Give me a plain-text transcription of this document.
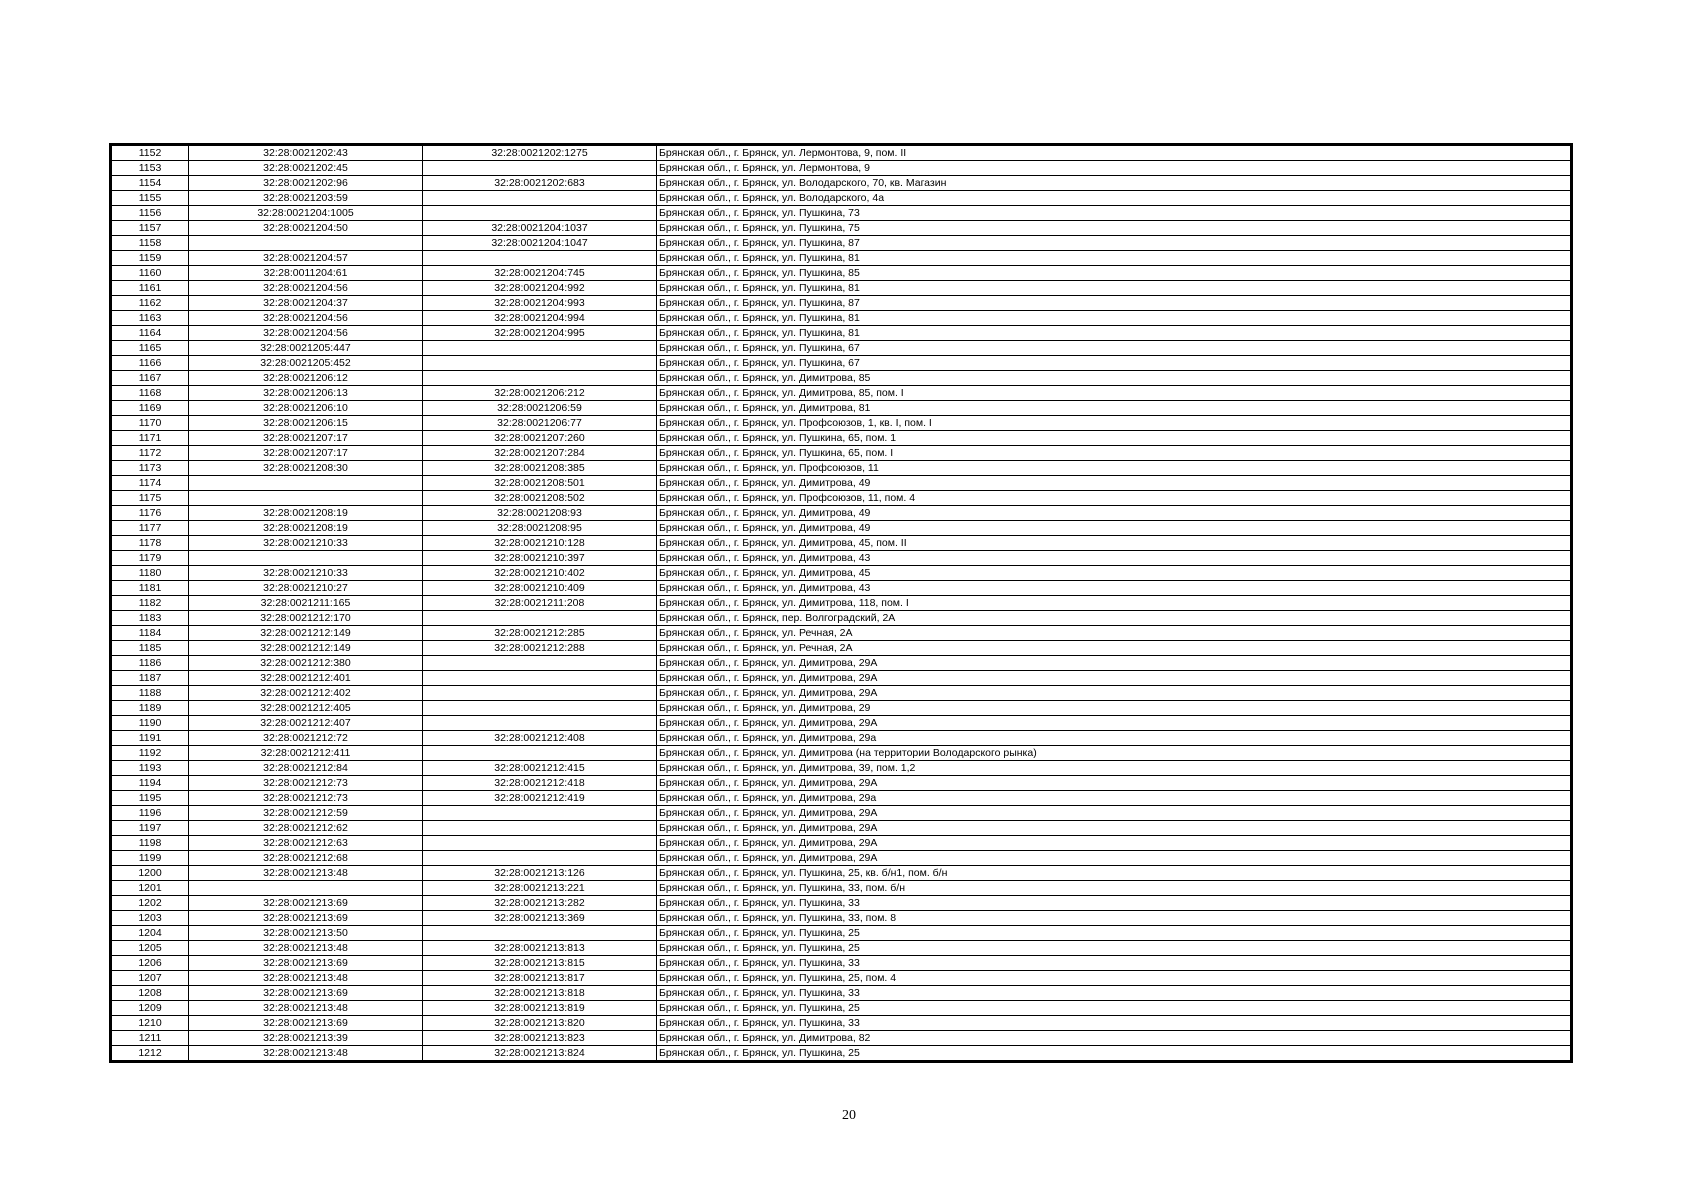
1152	32:28:0021202:43	32:28:0021202:1275	Брянская обл., г. Брянск, ул. Лермонтова, 9, пом. II
1153	32:28:0021202:45		Брянская обл., г. Брянск, ул. Лермонтова, 9
1154	32:28:0021202:96	32:28:0021202:683	Брянская обл., г. Брянск, ул. Володарского, 70, кв. Магазин
1155	32:28:0021203:59		Брянская обл., г. Брянск, ул. Володарского, 4а
1156	32:28:0021204:1005		Брянская обл., г. Брянск, ул. Пушкина, 73
1157	32:28:0021204:50	32:28:0021204:1037	Брянская обл., г. Брянск, ул. Пушкина, 75
1158		32:28:0021204:1047	Брянская обл., г. Брянск, ул. Пушкина, 87
1159	32:28:0021204:57		Брянская обл., г. Брянск, ул. Пушкина, 81
1160	32:28:0011204:61	32:28:0021204:745	Брянская обл., г. Брянск, ул. Пушкина, 85
1161	32:28:0021204:56	32:28:0021204:992	Брянская обл., г. Брянск, ул. Пушкина, 81
1162	32:28:0021204:37	32:28:0021204:993	Брянская обл., г. Брянск, ул. Пушкина, 87
1163	32:28:0021204:56	32:28:0021204:994	Брянская обл., г. Брянск, ул. Пушкина, 81
1164	32:28:0021204:56	32:28:0021204:995	Брянская обл., г. Брянск, ул. Пушкина, 81
1165	32:28:0021205:447		Брянская обл., г. Брянск, ул. Пушкина, 67
1166	32:28:0021205:452		Брянская обл., г. Брянск, ул. Пушкина, 67
1167	32:28:0021206:12		Брянская обл., г. Брянск, ул. Димитрова, 85
1168	32:28:0021206:13	32:28:0021206:212	Брянская обл., г. Брянск, ул. Димитрова, 85, пом. I
1169	32:28:0021206:10	32:28:0021206:59	Брянская обл., г. Брянск, ул. Димитрова, 81
1170	32:28:0021206:15	32:28:0021206:77	Брянская обл., г. Брянск, ул. Профсоюзов, 1, кв. I, пом. I
1171	32:28:0021207:17	32:28:0021207:260	Брянская обл., г. Брянск, ул. Пушкина, 65, пом. 1
1172	32:28:0021207:17	32:28:0021207:284	Брянская обл., г. Брянск, ул. Пушкина, 65, пом. I
1173	32:28:0021208:30	32:28:0021208:385	Брянская обл., г. Брянск, ул. Профсоюзов, 11
1174		32:28:0021208:501	Брянская обл., г. Брянск, ул. Димитрова, 49
1175		32:28:0021208:502	Брянская обл., г. Брянск, ул. Профсоюзов, 11, пом. 4
1176	32:28:0021208:19	32:28:0021208:93	Брянская обл., г. Брянск, ул. Димитрова, 49
1177	32:28:0021208:19	32:28:0021208:95	Брянская обл., г. Брянск, ул. Димитрова, 49
1178	32:28:0021210:33	32:28:0021210:128	Брянская обл., г. Брянск, ул. Димитрова, 45, пом. II
1179		32:28:0021210:397	Брянская обл., г. Брянск, ул. Димитрова, 43
1180	32:28:0021210:33	32:28:0021210:402	Брянская обл., г. Брянск, ул. Димитрова, 45
1181	32:28:0021210:27	32:28:0021210:409	Брянская обл., г. Брянск, ул. Димитрова, 43
1182	32:28:0021211:165	32:28:0021211:208	Брянская обл., г. Брянск, ул. Димитрова, 118, пом. I
1183	32:28:0021212:170		Брянская обл., г. Брянск, пер. Волгоградский, 2А
1184	32:28:0021212:149	32:28:0021212:285	Брянская обл., г. Брянск, ул. Речная, 2А
1185	32:28:0021212:149	32:28:0021212:288	Брянская обл., г. Брянск, ул. Речная, 2А
1186	32:28:0021212:380		Брянская обл., г. Брянск, ул. Димитрова, 29А
1187	32:28:0021212:401		Брянская обл., г. Брянск, ул. Димитрова, 29А
1188	32:28:0021212:402		Брянская обл., г. Брянск, ул. Димитрова, 29А
1189	32:28:0021212:405		Брянская обл., г. Брянск, ул. Димитрова, 29
1190	32:28:0021212:407		Брянская обл., г. Брянск, ул. Димитрова, 29А
1191	32:28:0021212:72	32:28:0021212:408	Брянская обл., г. Брянск, ул. Димитрова, 29а
1192	32:28:0021212:411		Брянская обл., г. Брянск, ул. Димитрова (на территории Володарского рынка)
1193	32:28:0021212:84	32:28:0021212:415	Брянская обл., г. Брянск, ул. Димитрова, 39, пом. 1,2
1194	32:28:0021212:73	32:28:0021212:418	Брянская обл., г. Брянск, ул. Димитрова, 29А
1195	32:28:0021212:73	32:28:0021212:419	Брянская обл., г. Брянск, ул. Димитрова, 29а
1196	32:28:0021212:59		Брянская обл., г. Брянск, ул. Димитрова, 29А
1197	32:28:0021212:62		Брянская обл., г. Брянск, ул. Димитрова, 29А
1198	32:28:0021212:63		Брянская обл., г. Брянск, ул. Димитрова, 29А
1199	32:28:0021212:68		Брянская обл., г. Брянск, ул. Димитрова, 29А
1200	32:28:0021213:48	32:28:0021213:126	Брянская обл., г. Брянск, ул. Пушкина, 25, кв. б/н1, пом. б/н
1201		32:28:0021213:221	Брянская обл., г. Брянск, ул. Пушкина, 33, пом. б/н
1202	32:28:0021213:69	32:28:0021213:282	Брянская обл., г. Брянск, ул. Пушкина, 33
1203	32:28:0021213:69	32:28:0021213:369	Брянская обл., г. Брянск, ул. Пушкина, 33, пом. 8
1204	32:28:0021213:50		Брянская обл., г. Брянск, ул. Пушкина, 25
1205	32:28:0021213:48	32:28:0021213:813	Брянская обл., г. Брянск, ул. Пушкина, 25
1206	32:28:0021213:69	32:28:0021213:815	Брянская обл., г. Брянск, ул. Пушкина, 33
1207	32:28:0021213:48	32:28:0021213:817	Брянская обл., г. Брянск, ул. Пушкина, 25, пом. 4
1208	32:28:0021213:69	32:28:0021213:818	Брянская обл., г. Брянск, ул. Пушкина, 33
1209	32:28:0021213:48	32:28:0021213:819	Брянская обл., г. Брянск, ул. Пушкина, 25
1210	32:28:0021213:69	32:28:0021213:820	Брянская обл., г. Брянск, ул. Пушкина, 33
1211	32:28:0021213:39	32:28:0021213:823	Брянская обл., г. Брянск, ул. Димитрова, 82
1212	32:28:0021213:48	32:28:0021213:824	Брянская обл., г. Брянск, ул. Пушкина, 25
20
